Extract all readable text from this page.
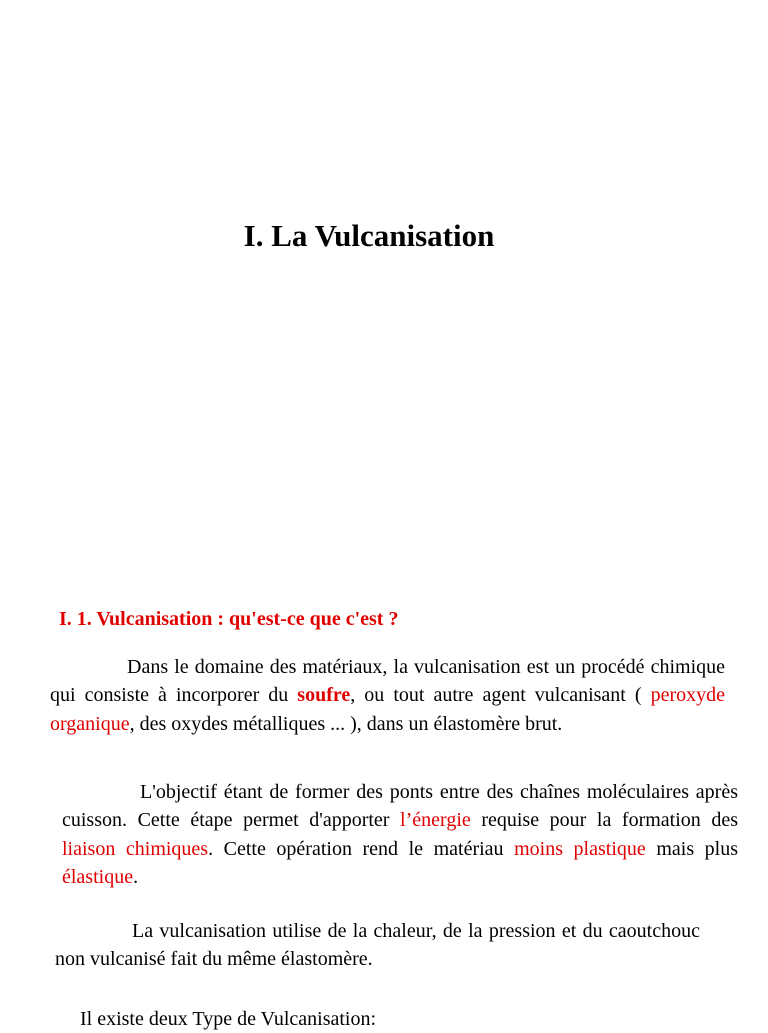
I. La Vulcanisation
I. 1. Vulcanisation : qu'est-ce que c'est ?

Dans le domaine des matériaux, la vulcanisation est un procédé chimique qui consiste à incorporer du soufre, ou tout autre agent vulcanisant ( peroxyde organique, des oxydes métalliques ... ), dans un élastomère brut.

L'objectif étant de former des ponts entre des chaînes moléculaires après cuisson. Cette étape permet d'apporter l’énergie requise pour la formation des liaison chimiques. Cette opération rend le matériau moins plastique mais plus élastique.

La vulcanisation utilise de la chaleur, de la pression et du caoutchouc non vulcanisé fait du même élastomère.

Il existe deux Type de Vulcanisation:
